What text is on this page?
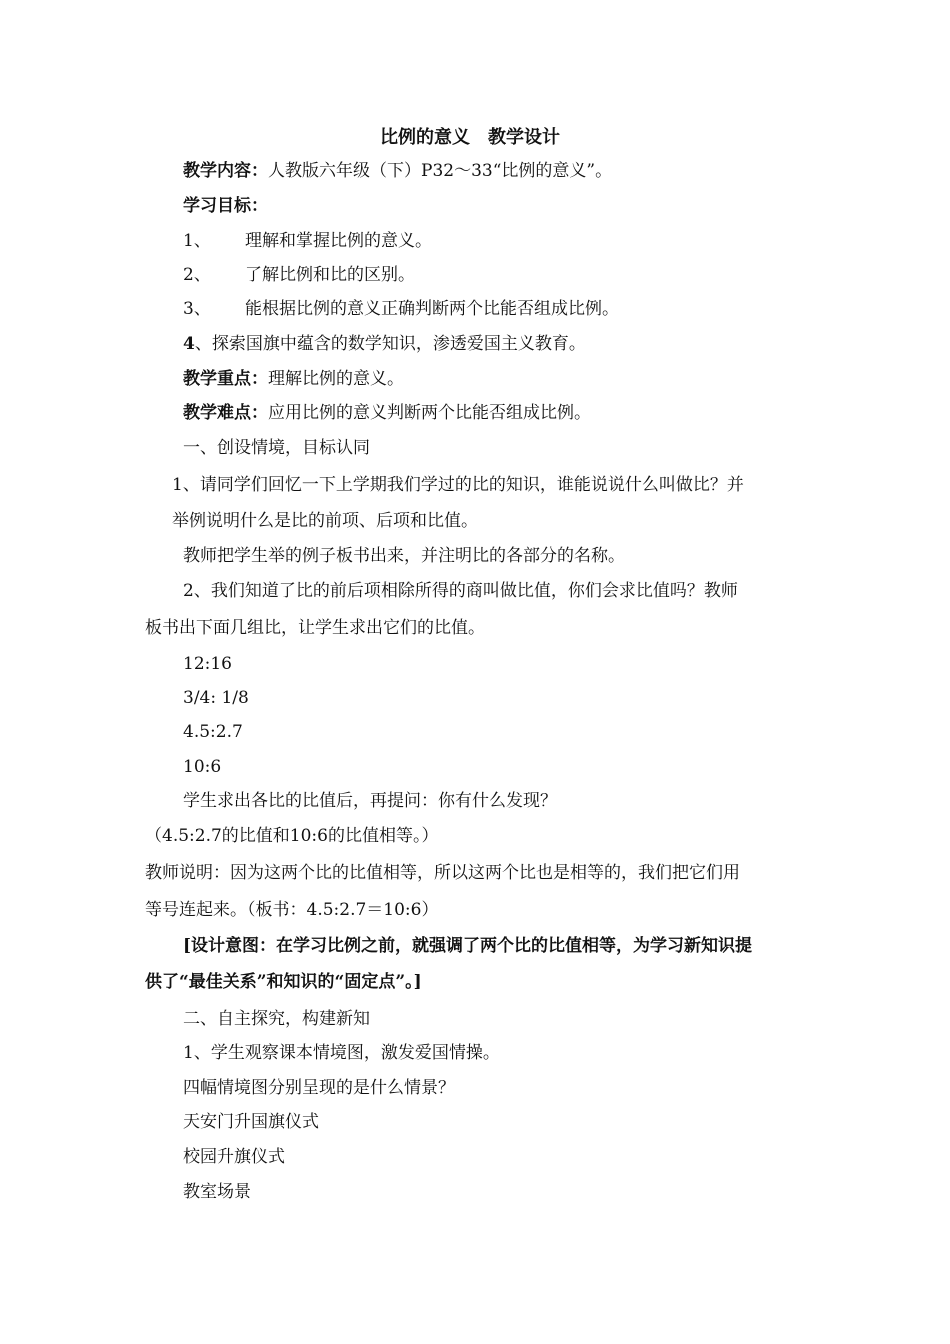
比例的意义　教学设计
教学内容：人教版六年级（下）P32～33“比例的意义”。
学习目标：
1、 理解和掌握比例的意义。
2、 了解比例和比的区别。
3、 能根据比例的意义正确判断两个比能否组成比例。
4、探索国旗中蕴含的数学知识，渗透爱国主义教育。
教学重点：理解比例的意义。
教学难点：应用比例的意义判断两个比能否组成比例。
一、创设情境，目标认同
1、请同学们回忆一下上学期我们学过的比的知识，谁能说说什么叫做比？并
举例说明什么是比的前项、后项和比值。
教师把学生举的例子板书出来，并注明比的各部分的名称。
2、我们知道了比的前后项相除所得的商叫做比值，你们会求比值吗？教师
板书出下面几组比，让学生求出它们的比值。
12:16
3/4: 1/8
4.5:2.7
10:6
学生求出各比的比值后，再提问：你有什么发现？
（4.5:2.7的比值和10:6的比值相等。）
教师说明：因为这两个比的比值相等，所以这两个比也是相等的，我们把它们用
等号连起来。（板书：4.5:2.7＝10:6）
[设计意图：在学习比例之前，就强调了两个比的比值相等，为学习新知识提
供了“最佳关系”和知识的“固定点”。]
二、自主探究，构建新知
1、学生观察课本情境图，激发爱国情操。
四幅情境图分别呈现的是什么情景？
天安门升国旗仪式
校园升旗仪式
教室场景
